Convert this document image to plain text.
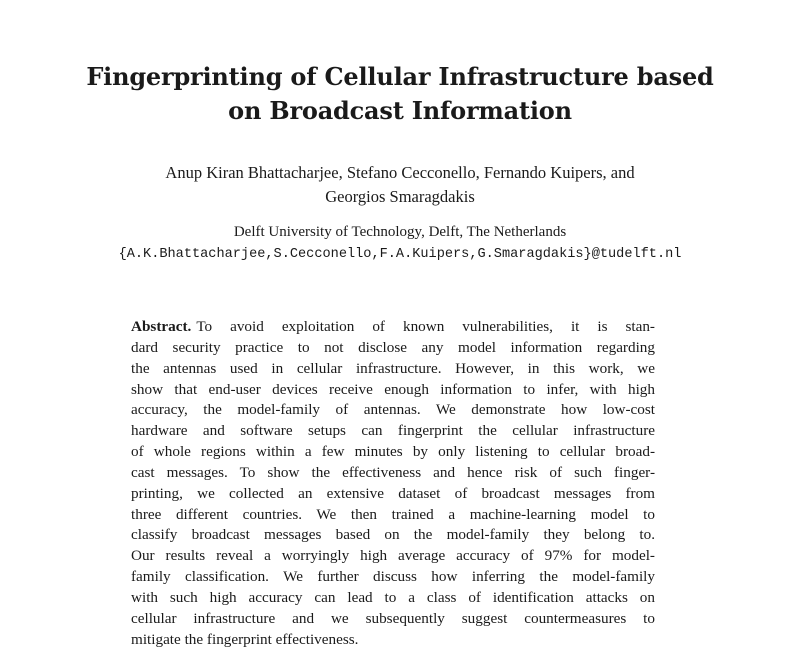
Fingerprinting of Cellular Infrastructure based
on Broadcast Information

Anup Kiran Bhattacharjee, Stefano Cecconello, Fernando Kuipers, and
Georgios Smaragdakis

Delft University of Technology, Delft, The Netherlands

{A.K.Bhattacharjee,S.Cecconello,F.A.Kuipers,G.Smaragdakis}@tudelft.nl

Abstract. To avoid exploitation of known vulnerabilities, it is stan-
dard security practice to not disclose any model information regarding
the antennas used in cellular infrastructure. However, in this work, we
show that end-user devices receive enough information to infer, with high
accuracy, the model-family of antennas. We demonstrate how low-cost
hardware and software setups can fingerprint the cellular infrastructure
of whole regions within a few minutes by only listening to cellular broad-
cast messages. To show the effectiveness and hence risk of such finger-
printing, we collected an extensive dataset of broadcast messages from
three different countries. We then trained a machine-learning model to
classify broadcast messages based on the model-family they belong to.
Our results reveal a worryingly high average accuracy of 97% for model-
family classification. We further discuss how inferring the model-family
with such high accuracy can lead to a class of identification attacks on
cellular infrastructure and we subsequently suggest countermeasures to
mitigate the fingerprint effectiveness.
